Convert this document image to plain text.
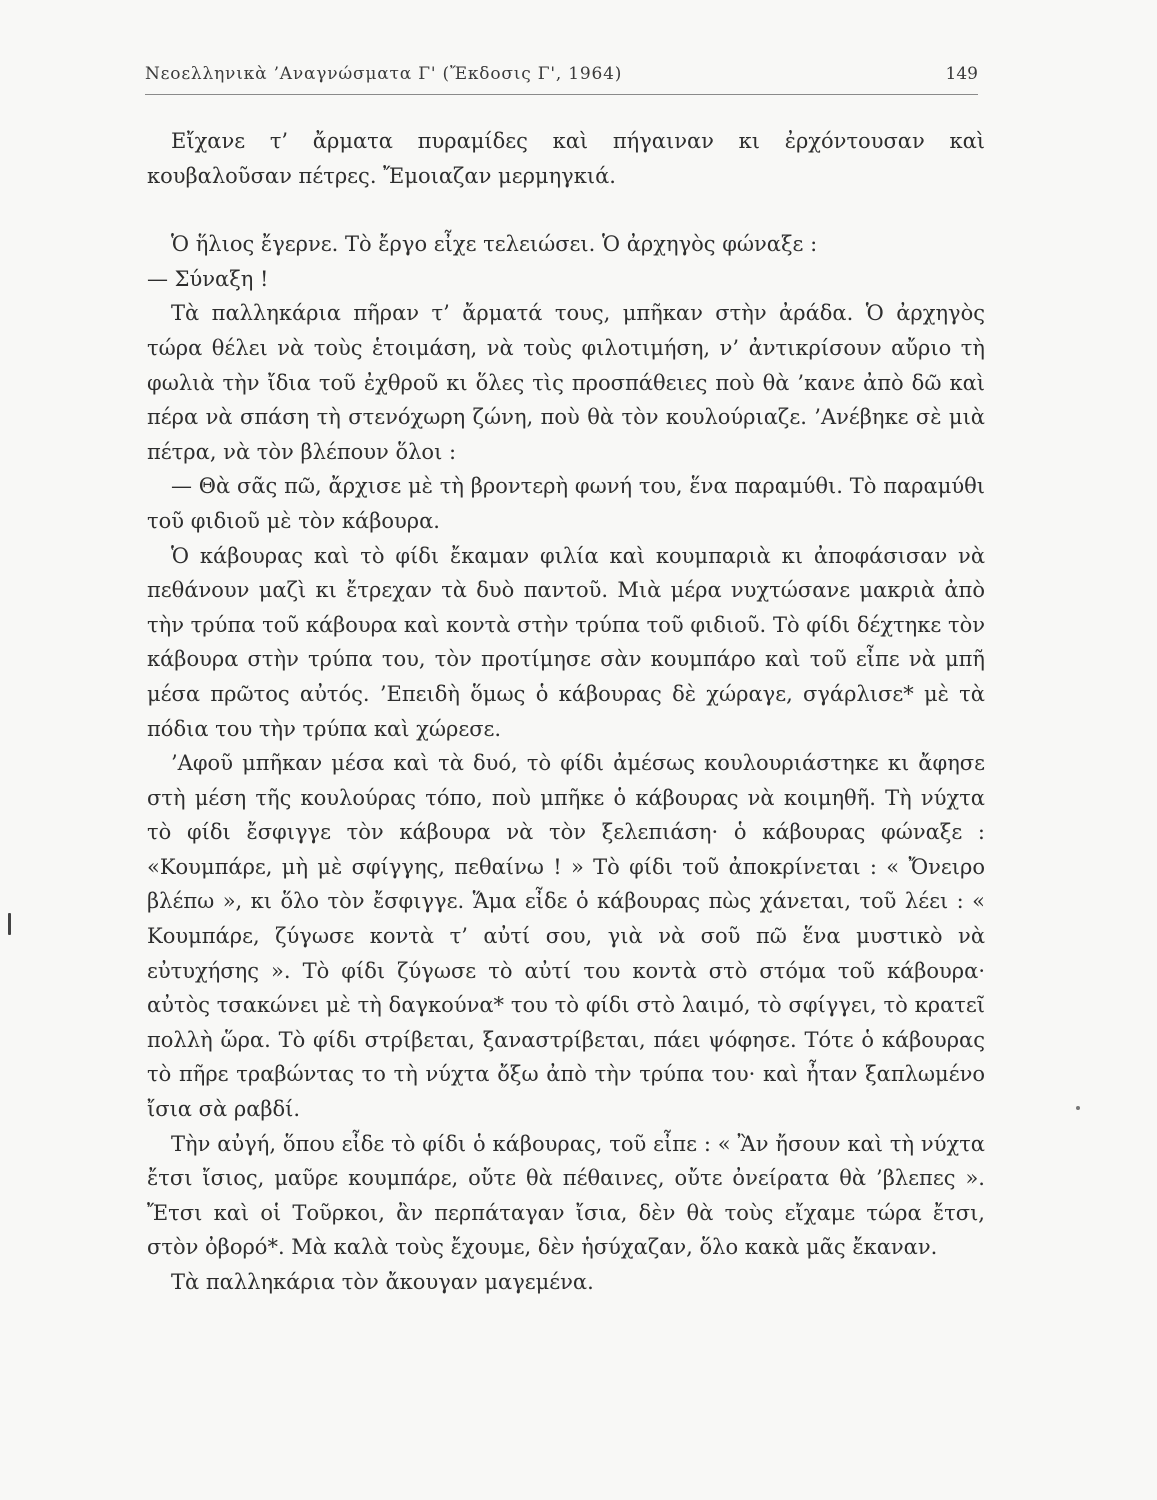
Νεοελληνικὰ ’Αναγνώσματα Γ' (Ἔκδοσις Γ', 1964)	149

Εἴχανε τ’ ἄρματα πυραμίδες καὶ πήγαιναν κι ἐρχόντουσαν καὶ κουβαλοῦσαν πέτρες. Ἔμοιαζαν μερμηγκιά.

Ὁ ἥλιος ἔγερνε. Τὸ ἔργο εἶχε τελειώσει. Ὁ ἀρχηγὸς φώναξε :

— Σύναξη !

Τὰ παλληκάρια πῆραν τ’ ἄρματά τους, μπῆκαν στὴν ἀράδα. Ὁ ἀρχηγὸς τώρα θέλει νὰ τοὺς ἑτοιμάση, νὰ τοὺς φιλοτιμήση, ν’ ἀντικρίσουν αὔριο τὴ φωλιὰ τὴν ἴδια τοῦ ἐχθροῦ κι ὅλες τὶς προσπάθειες ποὺ θὰ ’κανε ἀπὸ δῶ καὶ πέρα νὰ σπάση τὴ στενόχωρη ζώνη, ποὺ θὰ τὸν κουλούριαζε. ’Ανέβηκε σὲ μιὰ πέτρα, νὰ τὸν βλέπουν ὅλοι :

— Θὰ σᾶς πῶ, ἄρχισε μὲ τὴ βροντερὴ φωνή του, ἕνα παραμύθι. Τὸ παραμύθι τοῦ φιδιοῦ μὲ τὸν κάβουρα.

Ὁ κάβουρας καὶ τὸ φίδι ἔκαμαν φιλία καὶ κουμπαριὰ κι ἀποφάσισαν νὰ πεθάνουν μαζὶ κι ἔτρεχαν τὰ δυὸ παντοῦ. Μιὰ μέρα νυχτώσανε μακριὰ ἀπὸ τὴν τρύπα τοῦ κάβουρα καὶ κοντὰ στὴν τρύπα τοῦ φιδιοῦ. Τὸ φίδι δέχτηκε τὸν κάβουρα στὴν τρύπα του, τὸν προτίμησε σὰν κουμπάρο καὶ τοῦ εἶπε νὰ μπῆ μέσα πρῶτος αὐτός. ’Επειδὴ ὅμως ὁ κάβουρας δὲ χώραγε, σγάρλισε* μὲ τὰ πόδια του τὴν τρύπα καὶ χώρεσε.

’Αφοῦ μπῆκαν μέσα καὶ τὰ δυό, τὸ φίδι ἀμέσως κουλουριάστηκε κι ἄφησε στὴ μέση τῆς κουλούρας τόπο, ποὺ μπῆκε ὁ κάβουρας νὰ κοιμηθῆ. Τὴ νύχτα τὸ φίδι ἔσφιγγε τὸν κάβουρα νὰ τὸν ξελεπιάση· ὁ κάβουρας φώναξε : «Κουμπάρε, μὴ μὲ σφίγγης, πεθαίνω ! » Τὸ φίδι τοῦ ἀποκρίνεται : « Ὄνειρο βλέπω », κι ὅλο τὸν ἔσφιγγε. Ἅμα εἶδε ὁ κάβουρας πὼς χάνεται, τοῦ λέει : « Κουμπάρε, ζύγωσε κοντὰ τ’ αὐτί σου, γιὰ νὰ σοῦ πῶ ἕνα μυστικὸ νὰ εὐτυχήσης ». Τὸ φίδι ζύγωσε τὸ αὐτί του κοντὰ στὸ στόμα τοῦ κάβουρα· αὐτὸς τσακώνει μὲ τὴ δαγκούνα* του τὸ φίδι στὸ λαιμό, τὸ σφίγγει, τὸ κρατεῖ πολλὴ ὥρα. Τὸ φίδι στρίβεται, ξαναστρίβεται, πάει ψόφησε. Τότε ὁ κάβουρας τὸ πῆρε τραβώντας το τὴ νύχτα ὄξω ἀπὸ τὴν τρύπα του· καὶ ἦταν ξαπλωμένο ἴσια σὰ ραβδί.

Τὴν αὐγή, ὅπου εἶδε τὸ φίδι ὁ κάβουρας, τοῦ εἶπε : « Ἂν ἤσουν καὶ τὴ νύχτα ἔτσι ἴσιος, μαῦρε κουμπάρε, οὔτε θὰ πέθαινες, οὔτε ὀνείρατα θὰ ’βλεπες ». Ἔτσι καὶ οἱ Τοῦρκοι, ἂν περπάταγαν ἴσια, δὲν θὰ τοὺς εἴχαμε τώρα ἔτσι, στὸν ὀβορό*. Μὰ καλὰ τοὺς ἔχουμε, δὲν ἡσύχαζαν, ὅλο κακὰ μᾶς ἔκαναν.

Τὰ παλληκάρια τὸν ἄκουγαν μαγεμένα.
